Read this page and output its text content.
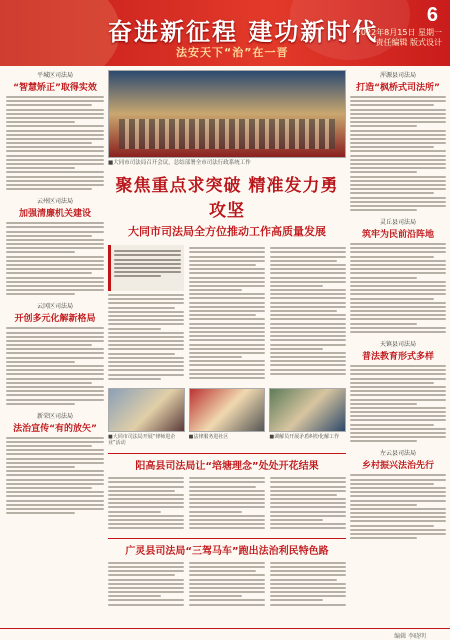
奋进新征程 建功新时代
法安天下“治”在一晋
6
2022年8月15日 星期一
责任编辑 版式设计
平城区司法局
“智慧矫正”取得实效
云州区司法局
加强清廉机关建设
云冈区司法局
开创多元化解新格局
新荣区司法局
法治宣传“有的放矢”
■大同市司法局召开会议，总结部署全市司法行政系统工作
聚焦重点求突破 精准发力勇攻坚
大同市司法局全方位推动工作高质量发展
■大同市司法局开展“律师进企业”活动
■法律服务进社区	■调解员开展矛盾纠纷化解工作
阳高县司法局让“培塘理念”处处开花结果
广灵县司法局“三驾马车”跑出法治利民特色路
浑源县司法局
打造“枫桥式司法所”
灵丘县司法局
筑牢为民前沿阵地
天镇县司法局
普法教育形式多样
左云县司法局
乡村振兴法治先行
编辑 李晓明
